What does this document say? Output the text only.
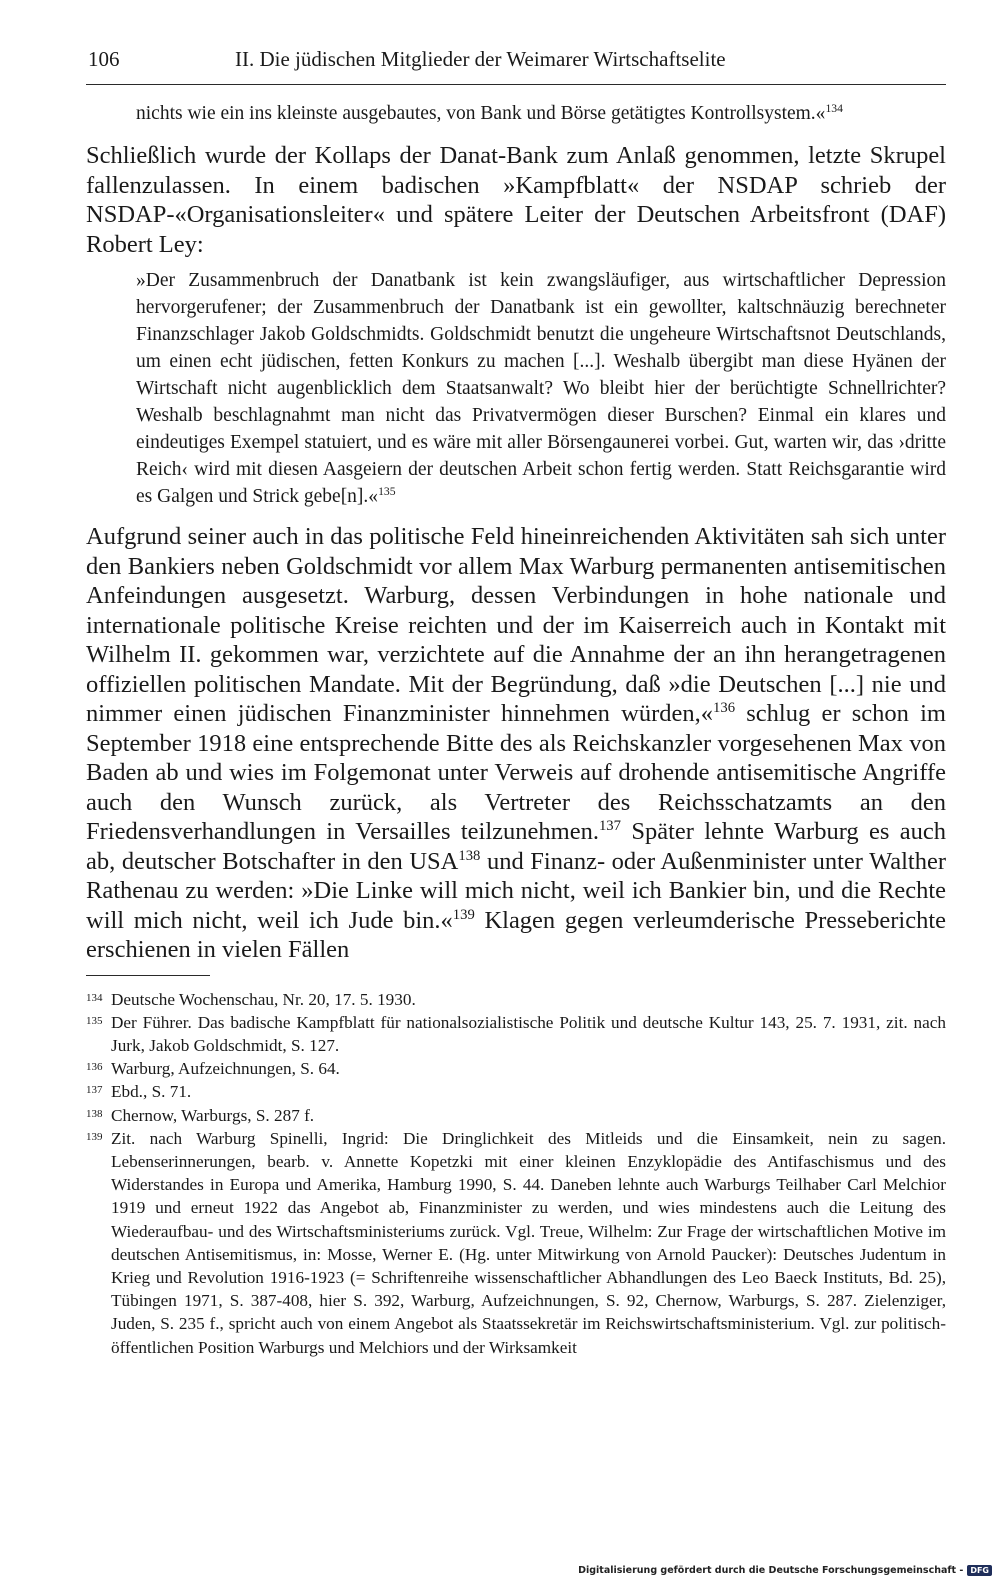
106	II. Die jüdischen Mitglieder der Weimarer Wirtschaftselite

nichts wie ein ins kleinste ausgebautes, von Bank und Börse getätigtes Kontrollsystem.«$^{134}$

Schließlich wurde der Kollaps der Danat-Bank zum Anlaß genommen, letzte Skrupel fallenzulassen. In einem badischen »Kampfblatt« der NSDAP schrieb der NSDAP-«Organisationsleiter« und spätere Leiter der Deutschen Arbeitsfront (DAF) Robert Ley:

»Der Zusammenbruch der Danatbank ist kein zwangsläufiger, aus wirtschaftlicher Depression hervorgerufener; der Zusammenbruch der Danatbank ist ein gewollter, kaltschnäuzig berechneter Finanzschlager Jakob Goldschmidts. Goldschmidt benutzt die ungeheure Wirtschaftsnot Deutschlands, um einen echt jüdischen, fetten Konkurs zu machen [...]. Weshalb übergibt man diese Hyänen der Wirtschaft nicht augenblicklich dem Staatsanwalt? Wo bleibt hier der berüchtigte Schnellrichter? Weshalb beschlagnahmt man nicht das Privatvermögen dieser Burschen? Einmal ein klares und eindeutiges Exempel statuiert, und es wäre mit aller Börsengaunerei vorbei. Gut, warten wir, das ›dritte Reich‹ wird mit diesen Aasgeiern der deutschen Arbeit schon fertig werden. Statt Reichsgarantie wird es Galgen und Strick gebe[n].«$^{135}$

Aufgrund seiner auch in das politische Feld hineinreichenden Aktivitäten sah sich unter den Bankiers neben Goldschmidt vor allem Max Warburg permanenten antisemitischen Anfeindungen ausgesetzt. Warburg, dessen Verbindungen in hohe nationale und internationale politische Kreise reichten und der im Kaiserreich auch in Kontakt mit Wilhelm II. gekommen war, verzichtete auf die Annahme der an ihn herangetragenen offiziellen politischen Mandate. Mit der Begründung, daß »die Deutschen [...] nie und nimmer einen jüdischen Finanzminister hinnehmen würden,«$^{136}$ schlug er schon im September 1918 eine entsprechende Bitte des als Reichskanzler vorgesehenen Max von Baden ab und wies im Folgemonat unter Verweis auf drohende antisemitische Angriffe auch den Wunsch zurück, als Vertreter des Reichsschatzamts an den Friedensverhandlungen in Versailles teilzunehmen.$^{137}$ Später lehnte Warburg es auch ab, deutscher Botschafter in den USA$^{138}$ und Finanz- oder Außenminister unter Walther Rathenau zu werden: »Die Linke will mich nicht, weil ich Bankier bin, und die Rechte will mich nicht, weil ich Jude bin.«$^{139}$ Klagen gegen verleumderische Presseberichte erschienen in vielen Fällen

134 Deutsche Wochenschau, Nr. 20, 17. 5. 1930.

135 Der Führer. Das badische Kampfblatt für nationalsozialistische Politik und deutsche Kultur 143, 25. 7. 1931, zit. nach Jurk, Jakob Goldschmidt, S. 127.

136 Warburg, Aufzeichnungen, S. 64.

137 Ebd., S. 71.

138 Chernow, Warburgs, S. 287 f.

139 Zit. nach Warburg Spinelli, Ingrid: Die Dringlichkeit des Mitleids und die Einsamkeit, nein zu sagen. Lebenserinnerungen, bearb. v. Annette Kopetzki mit einer kleinen Enzyklopädie des Antifaschismus und des Widerstandes in Europa und Amerika, Hamburg 1990, S. 44. Daneben lehnte auch Warburgs Teilhaber Carl Melchior 1919 und erneut 1922 das Angebot ab, Finanzminister zu werden, und wies mindestens auch die Leitung des Wiederaufbau- und des Wirtschaftsministeriums zurück. Vgl. Treue, Wilhelm: Zur Frage der wirtschaftlichen Motive im deutschen Antisemitismus, in: Mosse, Werner E. (Hg. unter Mitwirkung von Arnold Paucker): Deutsches Judentum in Krieg und Revolution 1916-1923 (= Schriftenreihe wissenschaftlicher Abhandlungen des Leo Baeck Instituts, Bd. 25), Tübingen 1971, S. 387-408, hier S. 392, Warburg, Aufzeichnungen, S. 92, Chernow, Warburgs, S. 287. Zielenziger, Juden, S. 235 f., spricht auch von einem Angebot als Staatssekretär im Reichswirtschaftsministerium. Vgl. zur politisch-öffentlichen Position Warburgs und Melchiors und der Wirksamkeit

Digitalisierung gefördert durch die Deutsche Forschungsgemeinschaft - DFG
